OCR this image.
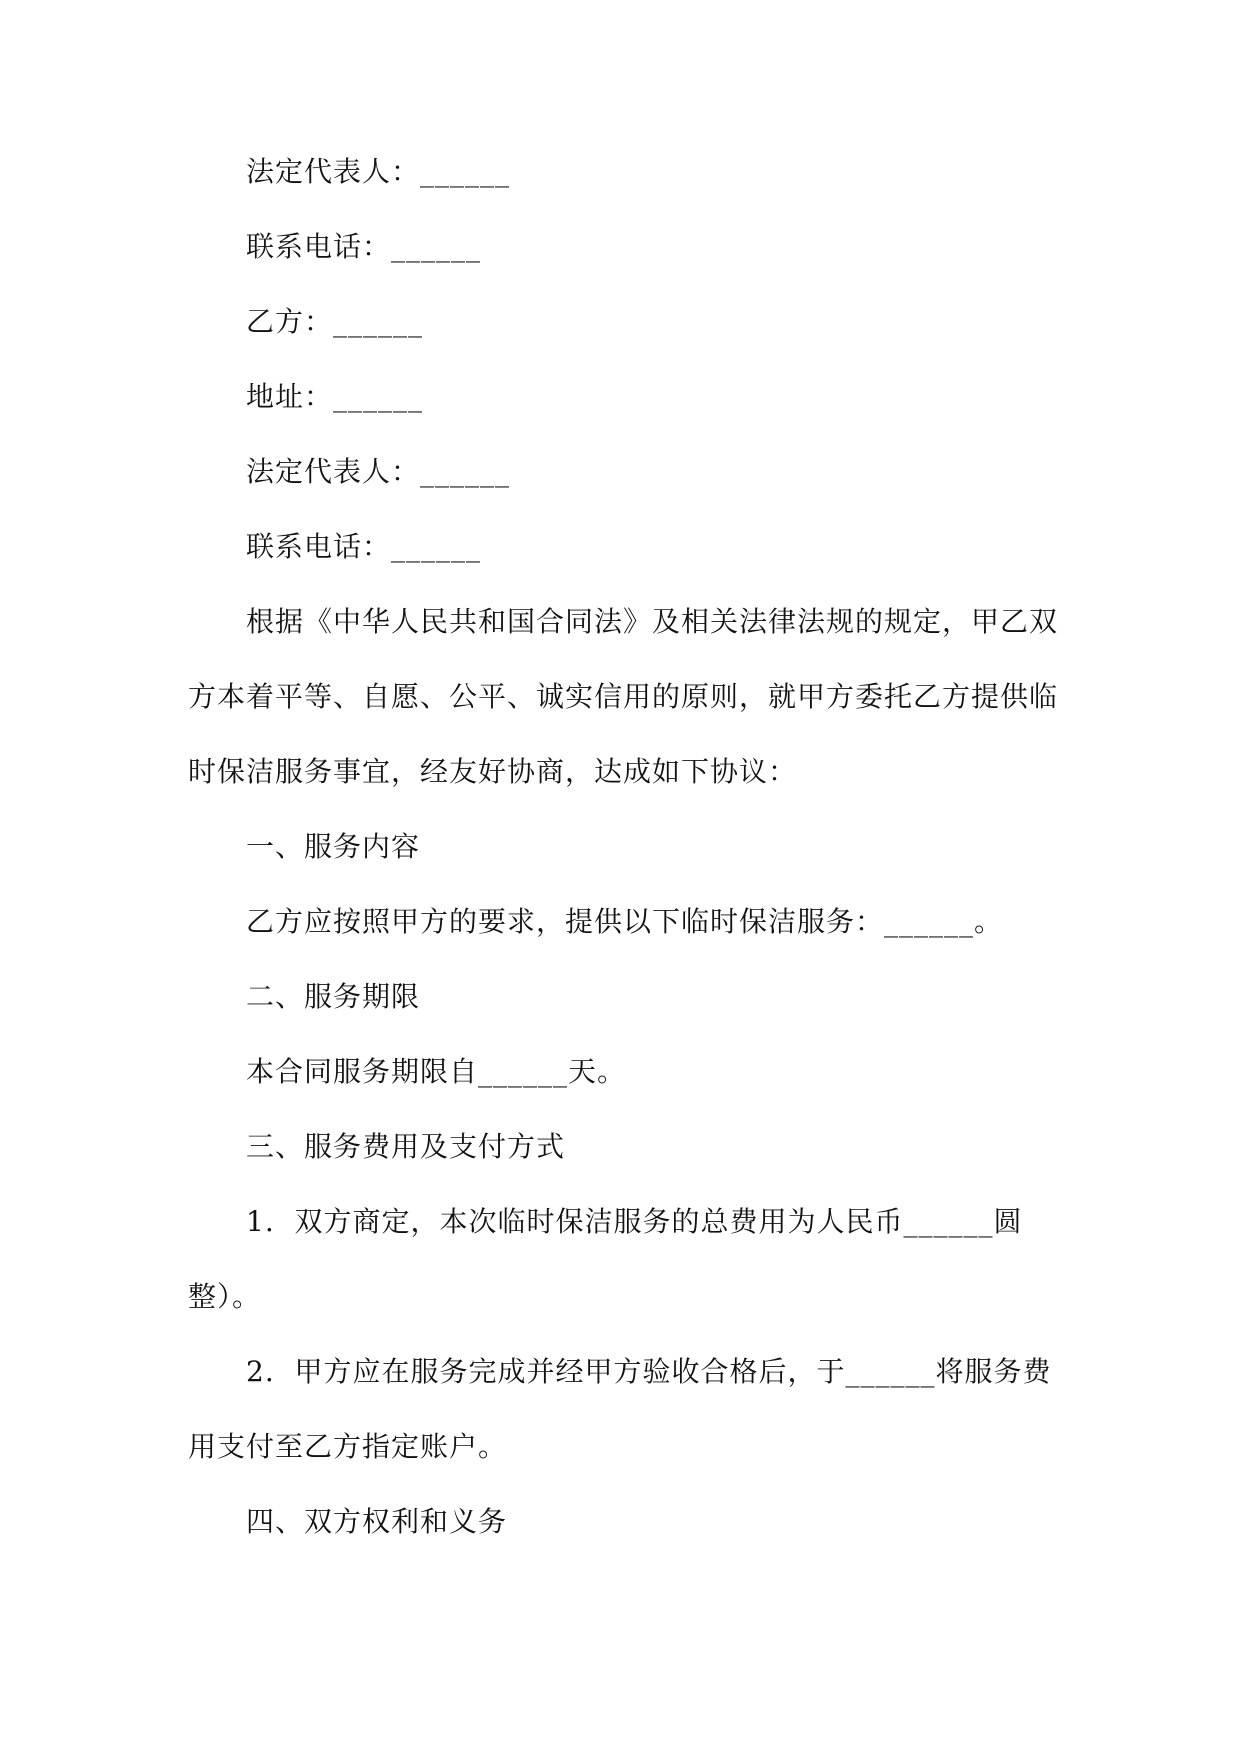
法定代表人：______
联系电话：______
乙方：______
地址：______
法定代表人：______
联系电话：______
根据《中华人民共和国合同法》及相关法律法规的规定，甲乙双
方本着平等、自愿、公平、诚实信用的原则，就甲方委托乙方提供临
时保洁服务事宜，经友好协商，达成如下协议：
一、服务内容
乙方应按照甲方的要求，提供以下临时保洁服务：______。
二、服务期限
本合同服务期限自______天。
三、服务费用及支付方式
1.  双方商定，本次临时保洁服务的总费用为人民币______圆
整）。
2.  甲方应在服务完成并经甲方验收合格后，于______将服务费
用支付至乙方指定账户。
四、双方权利和义务
